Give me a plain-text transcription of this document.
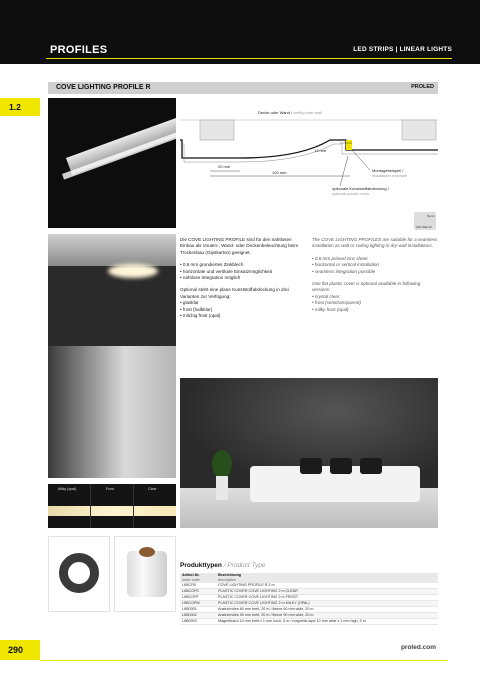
PROFILES	LED STRIPS | LINEAR LIGHTS
1.2
COVE LIGHTING PROFILE R	PROLED
Decke oder Wand / ceiling oder wall
20 mm
13 mm
100 mm	Montagebeispiel /
installation example
optionale Kunststoffabdeckung /
optional plastic cover
Norm
100 Watt W

Die COVE LIGHTING PROFILE sind für den nahtlosen Einbau als Vouten-, Wand- oder Deckenbeleuchtung beim Trockenbau (Gipskarton) geeignet.

• 0,6 mm grundiertes Zinkblech
• horizontale und vertikale Einsatzmöglichkeit
• nahtlose Integration möglich

Optional steht eine plane Kunststoffabdeckung in drei Varianten zur Verfügung:

• glasklar
• frost (halbklar)
• milchig frost (opal)

The COVE LIGHTING PROFILES are suitable for a seamless installation as wall or ceiling lighting in dry-wall installations.

• 0,6 mm primed zinc sheet
• horizontal or vertical installation
• seamless integration possible

One flat plastic cover is optional available in following versions:

• crystal clear
• frost (semitransparent)
• milky frost (opal)
Milky (opal)	Frost	Clear
Produkttypen / Product Type
Artikel-Nr.
order code	Bezeichnung
description

L6BCR0	COVE LIGHTING PROFILE R 2 m
L6BCOPC	PLASTIC COVER COVE LIGHTING 2 m CLEAR
L6BCOPF	PLASTIC COVER COVE LIGHTING 2 m FROST
L6BCOPM	PLASTIC COVER COVE LIGHTING 2 m MILKY (OPAL)
L6B0001	Anstrichvlies 60 mm breit, 20 m / fleece 60 mm wide, 20 m
L6B0002	Anstrichvlies 90 mm breit, 20 m / fleece 90 mm wide, 20 m
L6B0003	Magnetband 10 mm breit x 1 mm hoch, 5 m / magnetic tape 10 mm wide x 1 mm high, 5 m
290	proled.com
